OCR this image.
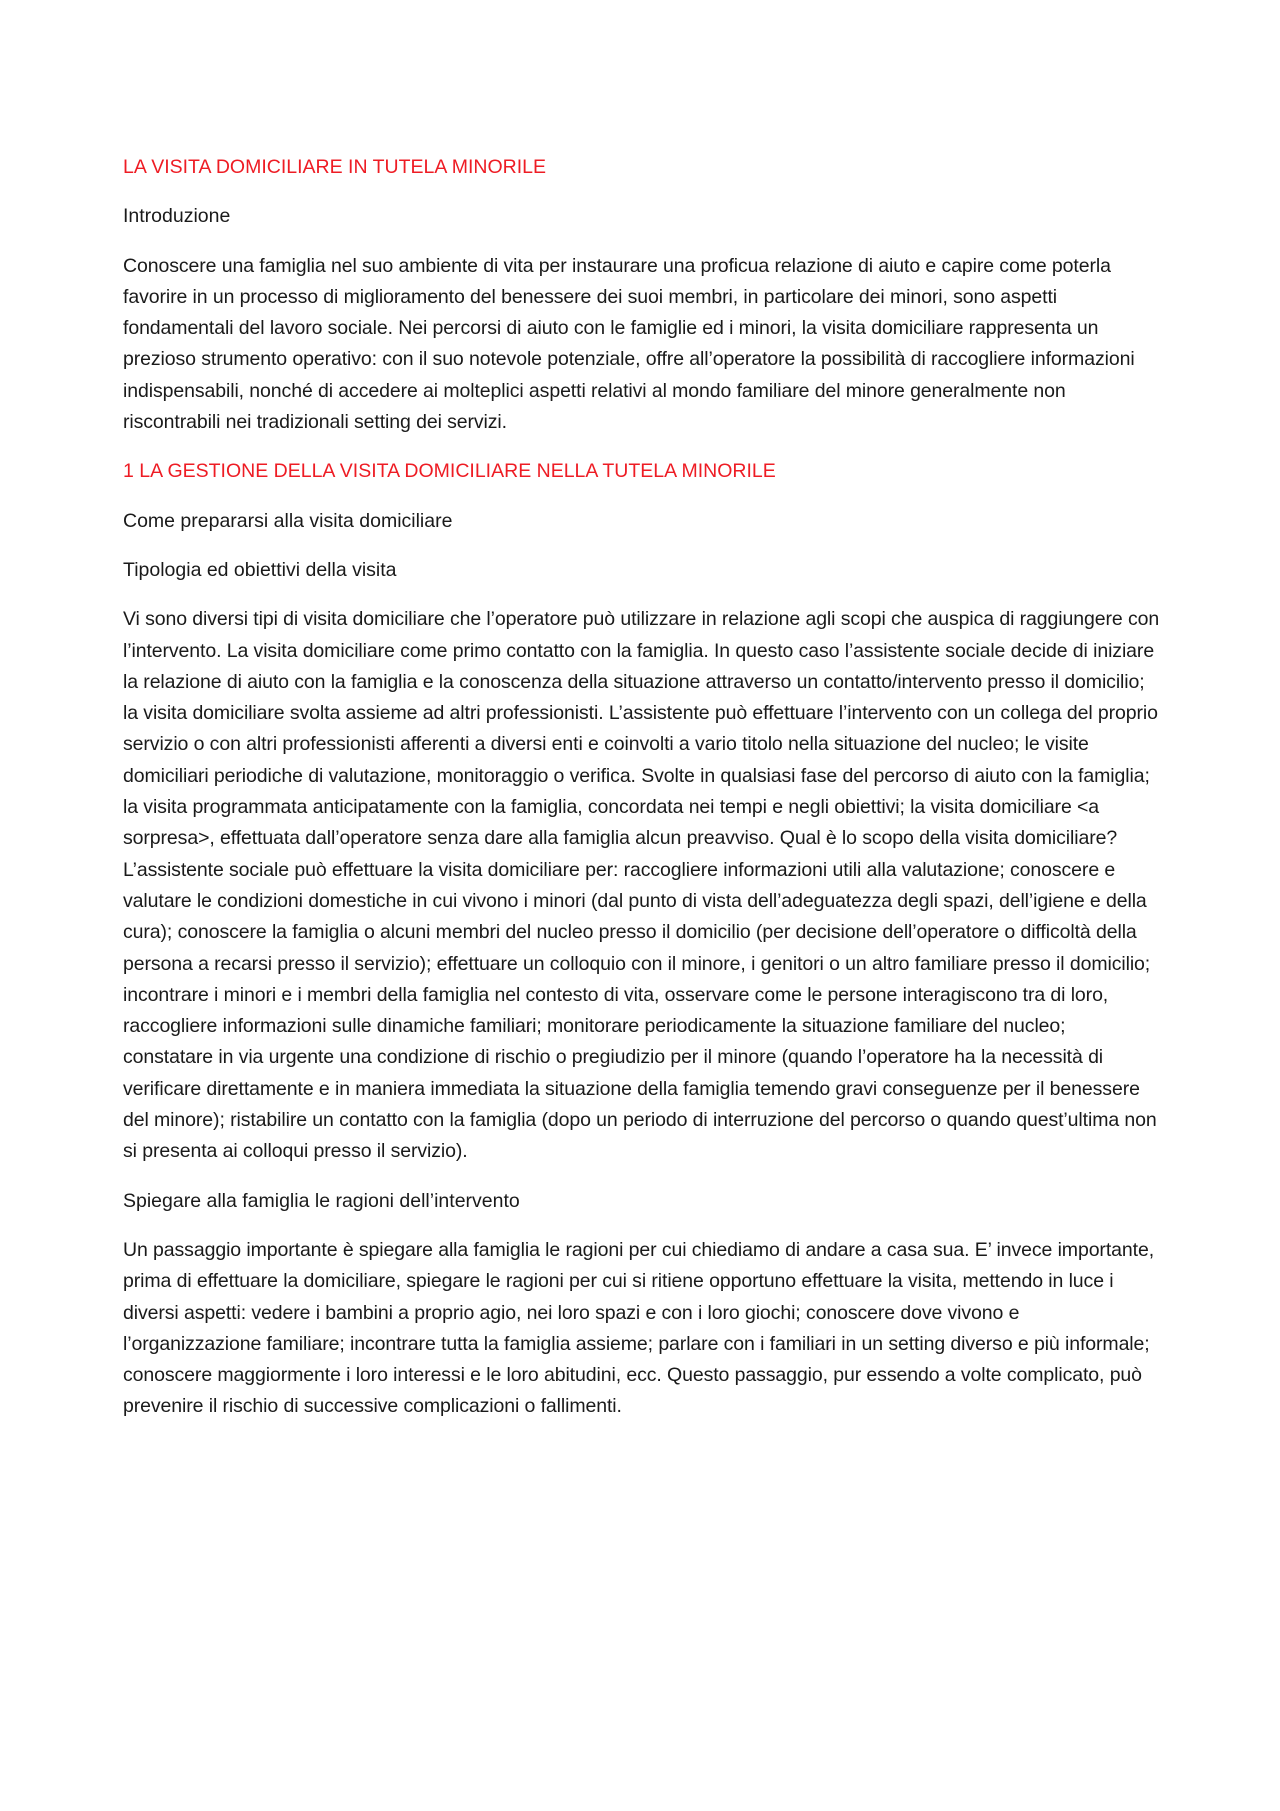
LA VISITA DOMICILIARE IN TUTELA MINORILE
Introduzione

Conoscere una famiglia nel suo ambiente di vita per instaurare una proficua relazione di aiuto e capire come poterla favorire in un processo di miglioramento del benessere dei suoi membri, in particolare dei minori, sono aspetti fondamentali del lavoro sociale. Nei percorsi di aiuto con le famiglie ed i minori, la visita domiciliare rappresenta un prezioso strumento operativo: con il suo notevole potenziale, offre all’operatore la possibilità di raccogliere informazioni indispensabili, nonché di accedere ai molteplici aspetti relativi al mondo familiare del minore generalmente non riscontrabili nei tradizionali setting dei servizi.

1 LA GESTIONE DELLA VISITA DOMICILIARE NELLA TUTELA MINORILE
Come prepararsi alla visita domiciliare
Tipologia ed obiettivi della visita

Vi sono diversi tipi di visita domiciliare che l’operatore può utilizzare in relazione agli scopi che auspica di raggiungere con l’intervento. La visita domiciliare come primo contatto con la famiglia. In questo caso l’assistente sociale decide di iniziare la relazione di aiuto con la famiglia e la conoscenza della situazione attraverso un contatto/intervento presso il domicilio; la visita domiciliare svolta assieme ad altri professionisti. L’assistente può effettuare l’intervento con un collega del proprio servizio o con altri professionisti afferenti a diversi enti e coinvolti a vario titolo nella situazione del nucleo; le visite domiciliari periodiche di valutazione, monitoraggio o verifica. Svolte in qualsiasi fase del percorso di aiuto con la famiglia; la visita programmata anticipatamente con la famiglia, concordata nei tempi e negli obiettivi; la visita domiciliare <a sorpresa>, effettuata dall’operatore senza dare alla famiglia alcun preavviso. Qual è lo scopo della visita domiciliare? L’assistente sociale può effettuare la visita domiciliare per: raccogliere informazioni utili alla valutazione; conoscere e valutare le condizioni domestiche in cui vivono i minori (dal punto di vista dell’adeguatezza degli spazi, dell’igiene e della cura); conoscere la famiglia o alcuni membri del nucleo presso il domicilio (per decisione dell’operatore o difficoltà della persona a recarsi presso il servizio); effettuare un colloquio con il minore, i genitori o un altro familiare presso il domicilio; incontrare i minori e i membri della famiglia nel contesto di vita, osservare come le persone interagiscono tra di loro, raccogliere informazioni sulle dinamiche familiari; monitorare periodicamente la situazione familiare del nucleo; constatare in via urgente una condizione di rischio o pregiudizio per il minore (quando l’operatore ha la necessità di verificare direttamente e in maniera immediata la situazione della famiglia temendo gravi conseguenze per il benessere del minore); ristabilire un contatto con la famiglia (dopo un periodo di interruzione del percorso o quando quest’ultima non si presenta ai colloqui presso il servizio).

Spiegare alla famiglia le ragioni dell’intervento

Un passaggio importante è spiegare alla famiglia le ragioni per cui chiediamo di andare a casa sua. E’ invece importante, prima di effettuare la domiciliare, spiegare le ragioni per cui si ritiene opportuno effettuare la visita, mettendo in luce i diversi aspetti: vedere i bambini a proprio agio, nei loro spazi e con i loro giochi; conoscere dove vivono e l’organizzazione familiare; incontrare tutta la famiglia assieme; parlare con i familiari in un setting diverso e più informale; conoscere maggiormente i loro interessi e le loro abitudini, ecc. Questo passaggio, pur essendo a volte complicato, può prevenire il rischio di successive complicazioni o fallimenti.
